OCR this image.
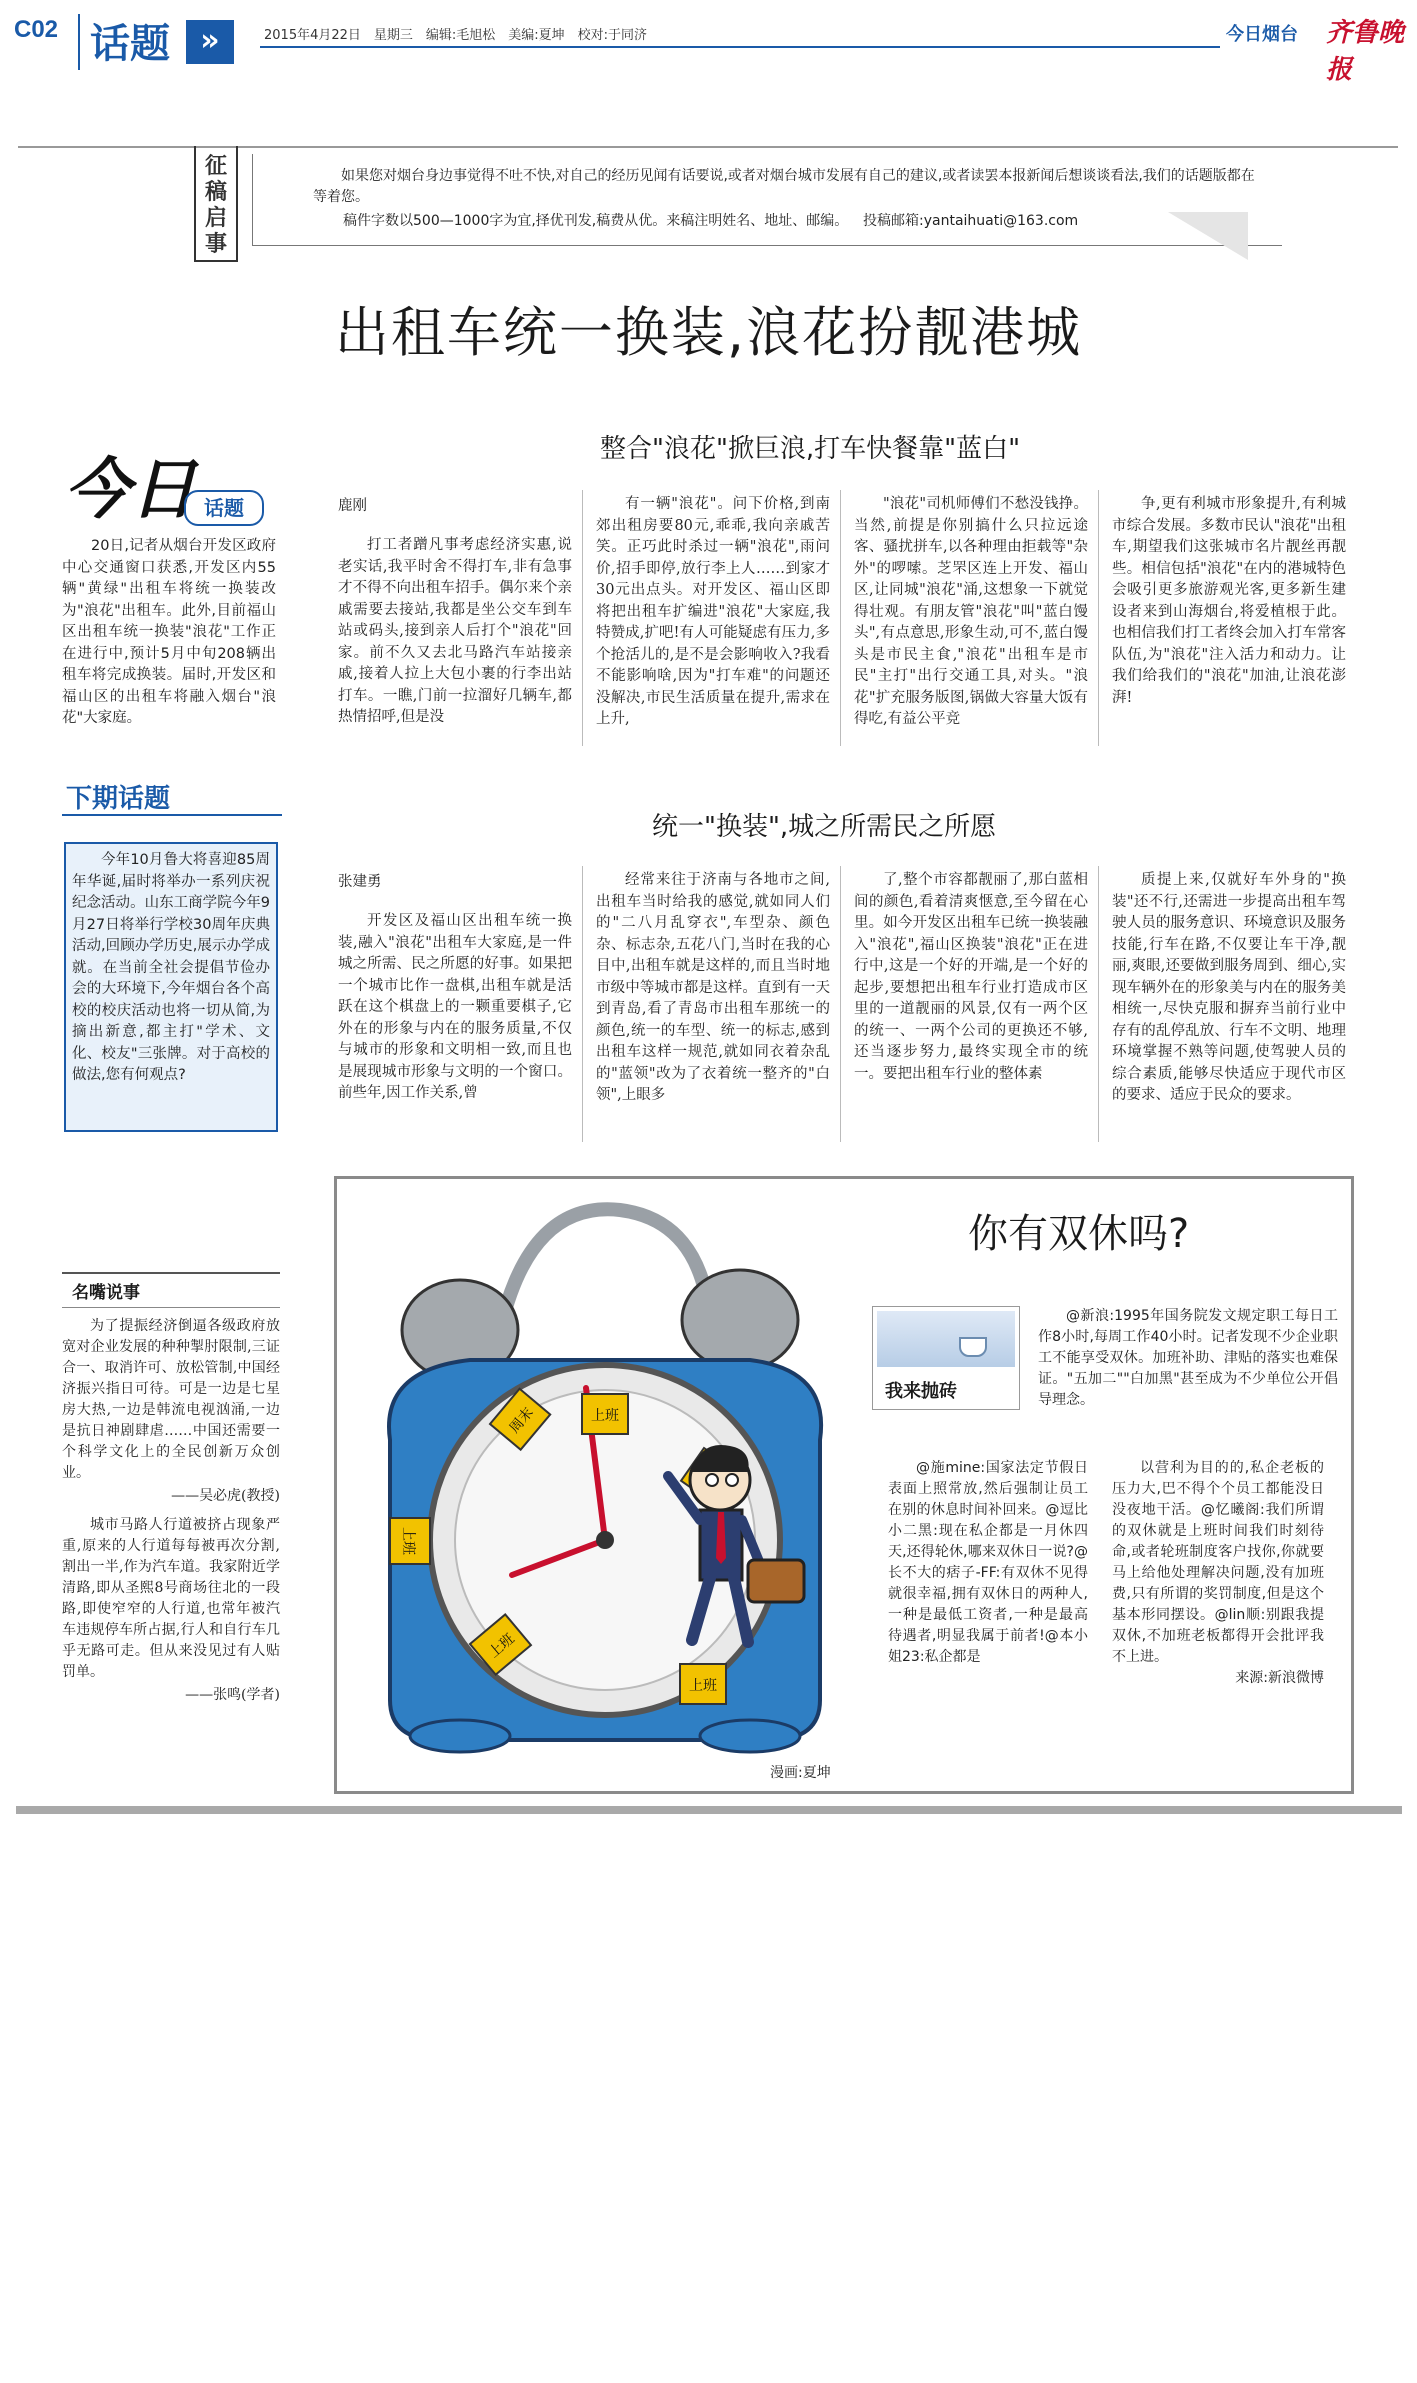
C02 话题	»	2015年4月22日　星期三　编辑:毛旭松　美编:夏坤　校对:于同济	今日烟台 齐鲁晚报
征稿启事
如果您对烟台身边事觉得不吐不快,对自己的经历见闻有话要说,或者对烟台城市发展有自己的建议,或者读罢本报新闻后想谈谈看法,我们的话题版都在等着您。
稿件字数以500—1000字为宜,择优刊发,稿费从优。来稿注明姓名、地址、邮编。 投稿邮箱:yantaihuati@163.com
出租车统一换装,浪花扮靓港城
整合"浪花"掀巨浪,打车快餐靠"蓝白"
统一"换装",城之所需民之所愿
今日 话题
20日,记者从烟台开发区政府中心交通窗口获悉,开发区内55辆"黄绿"出租车将统一换装改为"浪花"出租车。此外,目前福山区出租车统一换装"浪花"工作正在进行中,预计5月中旬208辆出租车将完成换装。届时,开发区和福山区的出租车将融入烟台"浪花"大家庭。
下期话题
今年10月鲁大将喜迎85周年华诞,届时将举办一系列庆祝纪念活动。山东工商学院今年9月27日将举行学校30周年庆典活动,回顾办学历史,展示办学成就。在当前全社会提倡节俭办会的大环境下,今年烟台各个高校的校庆活动也将一切从简,为摘出新意,都主打"学术、文化、校友"三张牌。对于高校的做法,您有何观点?
名嘴说事

为了提振经济倒逼各级政府放宽对企业发展的种种掣肘限制,三证合一、取消许可、放松管制,中国经济振兴指日可待。可是一边是七星房大热,一边是韩流电视汹涌,一边是抗日神剧肆虐……中国还需要一个科学文化上的全民创新万众创业。

——吴必虎(教授)

城市马路人行道被挤占现象严重,原来的人行道每每被再次分割,割出一半,作为汽车道。我家附近学清路,即从圣熙8号商场往北的一段路,即使窄窄的人行道,也常年被汽车违规停车所占据,行人和自行车几乎无路可走。但从来没见过有人贴罚单。

——张鸣(学者)

鹿刚

打工者蹭凡事考虑经济实惠,说老实话,我平时舍不得打车,非有急事才不得不向出租车招手。偶尔来个亲戚需要去接站,我都是坐公交车到车站或码头,接到亲人后打个"浪花"回家。前不久又去北马路汽车站接亲戚,接着人拉上大包小裹的行李出站打车。一瞧,门前一拉溜好几辆车,都热情招呼,但是没

有一辆"浪花"。问下价格,到南郊出租房要80元,乖乖,我向亲戚苦笑。正巧此时杀过一辆"浪花",雨问价,招手即停,放行李上人……到家才30元出点头。对开发区、福山区即将把出租车扩编进"浪花"大家庭,我特赞成,扩吧!有人可能疑虑有压力,多个抢活儿的,是不是会影响收入?我看不能影响啥,因为"打车难"的问题还没解决,市民生活质量在提升,需求在上升,

"浪花"司机师傅们不愁没钱挣。当然,前提是你别搞什么只拉远途客、骚扰拼车,以各种理由拒载等"杂外"的啰嗦。芝罘区连上开发、福山区,让同城"浪花"涌,这想象一下就觉得壮观。有朋友管"浪花"叫"蓝白馒头",有点意思,形象生动,可不,蓝白馒头是市民主食,"浪花"出租车是市民"主打"出行交通工具,对头。"浪花"扩充服务版图,锅做大容量大饭有得吃,有益公平竞

争,更有利城市形象提升,有利城市综合发展。多数市民认"浪花"出租车,期望我们这张城市名片靓丝再靓些。相信包括"浪花"在内的港城特色会吸引更多旅游观光客,更多新生建设者来到山海烟台,将爱植根于此。也相信我们打工者终会加入打车常客队伍,为"浪花"注入活力和动力。让我们给我们的"浪花"加油,让浪花澎湃!

张建勇

开发区及福山区出租车统一换装,融入"浪花"出租车大家庭,是一件城之所需、民之所愿的好事。如果把一个城市比作一盘棋,出租车就是活跃在这个棋盘上的一颗重要棋子,它外在的形象与内在的服务质量,不仅与城市的形象和文明相一致,而且也是展现城市形象与文明的一个窗口。前些年,因工作关系,曾

经常来往于济南与各地市之间,出租车当时给我的感觉,就如同人们的"二八月乱穿衣",车型杂、颜色杂、标志杂,五花八门,当时在我的心目中,出租车就是这样的,而且当时地市级中等城市都是这样。直到有一天到青岛,看了青岛市出租车那统一的颜色,统一的车型、统一的标志,感到出租车这样一规范,就如同衣着杂乱的"蓝领"改为了衣着统一整齐的"白领",上眼多

了,整个市容都靓丽了,那白蓝相间的颜色,看着清爽惬意,至今留在心里。如今开发区出租车已统一换装融入"浪花",福山区换装"浪花"正在进行中,这是一个好的开端,是一个好的起步,要想把出租车行业打造成市区里的一道靓丽的风景,仅有一两个区的统一、一两个公司的更换还不够,还当逐步努力,最终实现全市的统一。要把出租车行业的整体素

质提上来,仅就好车外身的"换装"还不行,还需进一步提高出租车驾驶人员的服务意识、环境意识及服务技能,行车在路,不仅要让车干净,靓丽,爽眼,还要做到服务周到、细心,实现车辆外在的形象美与内在的服务美相统一,尽快克服和摒弃当前行业中存有的乱停乱放、行车不文明、地理环境掌握不熟等问题,使驾驶人员的综合素质,能够尽快适应于现代市区的要求、适应于民众的要求。

上班
上班
上班
上班
周末
你有双休吗?
我来抛砖

@新浪:1995年国务院发文规定职工每日工作8小时,每周工作40小时。记者发现不少企业职工不能享受双休。加班补助、津贴的落实也难保证。"五加二""白加黑"甚至成为不少单位公开倡导理念。

@施mine:国家法定节假日表面上照常放,然后强制让员工在别的休息时间补回来。@逗比小二黑:现在私企都是一月休四天,还得轮休,哪来双休日一说?@长不大的痞子-FF:有双休不见得就很幸福,拥有双休日的两种人,一种是最低工资者,一种是最高待遇者,明显我属于前者!@本小姐23:私企都是

以营利为目的的,私企老板的压力大,巴不得个个员工都能没日没夜地干活。@忆曦阁:我们所谓的双休就是上班时间我们时刻待命,或者轮班制度客户找你,你就要马上给他处理解决问题,没有加班费,只有所谓的奖罚制度,但是这个基本形同摆设。@lin顺:别跟我提双休,不加班老板都得开会批评我不上进。

来源:新浪微博

漫画:夏坤
